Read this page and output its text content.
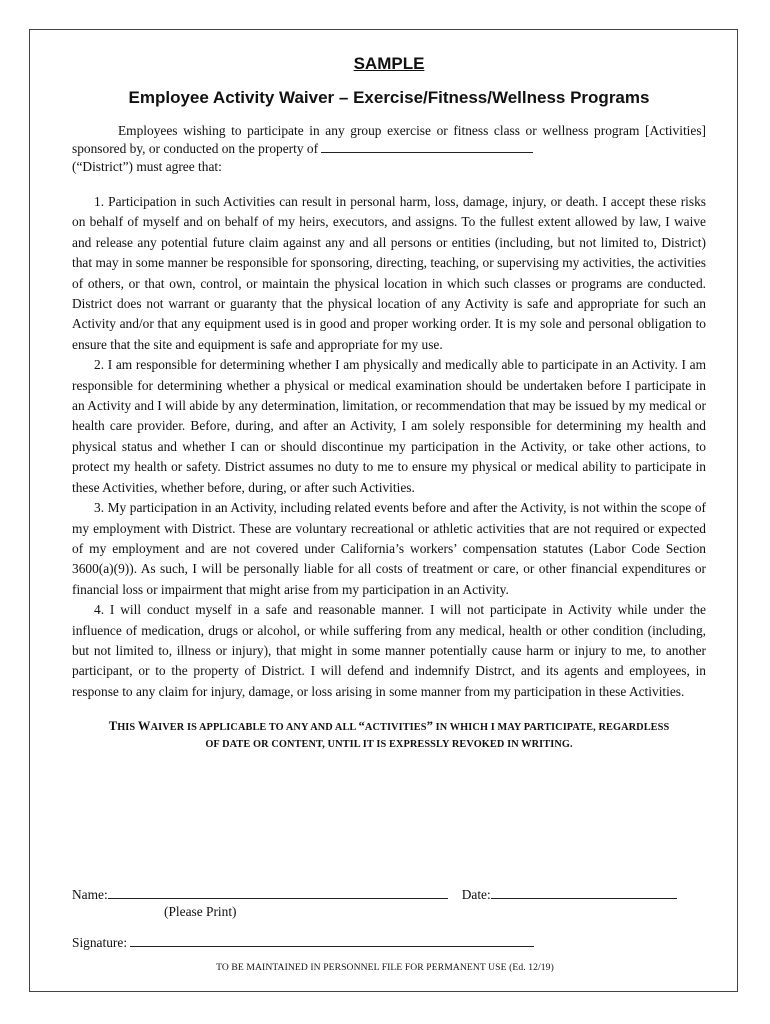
SAMPLE
Employee Activity Waiver – Exercise/Fitness/Wellness Programs

Employees wishing to participate in any group exercise or fitness class or wellness program [Activities] sponsored by, or conducted on the property of

(“District”) must agree that:

1. Participation in such Activities can result in personal harm, loss, damage, injury, or death. I accept these risks on behalf of myself and on behalf of my heirs, executors, and assigns. To the fullest extent allowed by law, I waive and release any potential future claim against any and all persons or entities (including, but not limited to, District) that may in some manner be responsible for sponsoring, directing, teaching, or supervising my activities, the activities of others, or that own, control, or maintain the physical location in which such classes or programs are conducted. District does not warrant or guaranty that the physical location of any Activity is safe and appropriate for such an Activity and/or that any equipment used is in good and proper working order. It is my sole and personal obligation to ensure that the site and equipment is safe and appropriate for my use.

2. I am responsible for determining whether I am physically and medically able to participate in an Activity. I am responsible for determining whether a physical or medical examination should be undertaken before I participate in an Activity and I will abide by any determination, limitation, or recommendation that may be issued by my medical or health care provider. Before, during, and after an Activity, I am solely responsible for determining my health and physical status and whether I can or should discontinue my participation in the Activity, or take other actions, to protect my health or safety. District assumes no duty to me to ensure my physical or medical ability to participate in these Activities, whether before, during, or after such Activities.

3. My participation in an Activity, including related events before and after the Activity, is not within the scope of my employment with District. These are voluntary recreational or athletic activities that are not required or expected of my employment and are not covered under California’s workers’ compensation statutes (Labor Code Section 3600(a)(9)). As such, I will be personally liable for all costs of treatment or care, or other financial expenditures or financial loss or impairment that might arise from my participation in an Activity.

4. I will conduct myself in a safe and reasonable manner. I will not participate in Activity while under the influence of medication, drugs or alcohol, or while suffering from any medical, health or other condition (including, but not limited to, illness or injury), that might in some manner potentially cause harm or injury to me, to another participant, or to the property of District. I will defend and indemnify Distrct, and its agents and employees, in response to any claim for injury, damage, or loss arising in some manner from my participation in these Activities.

THIS WAIVER IS APPLICABLE TO ANY AND ALL “ACTIVITIES” IN WHICH I MAY PARTICIPATE, REGARDLESS
OF DATE OR CONTENT, UNTIL IT IS EXPRESSLY REVOKED IN WRITING.
Name:	Date:
(Please Print)
Signature:
TO BE MAINTAINED IN PERSONNEL FILE FOR PERMANENT USE (Ed. 12/19)
